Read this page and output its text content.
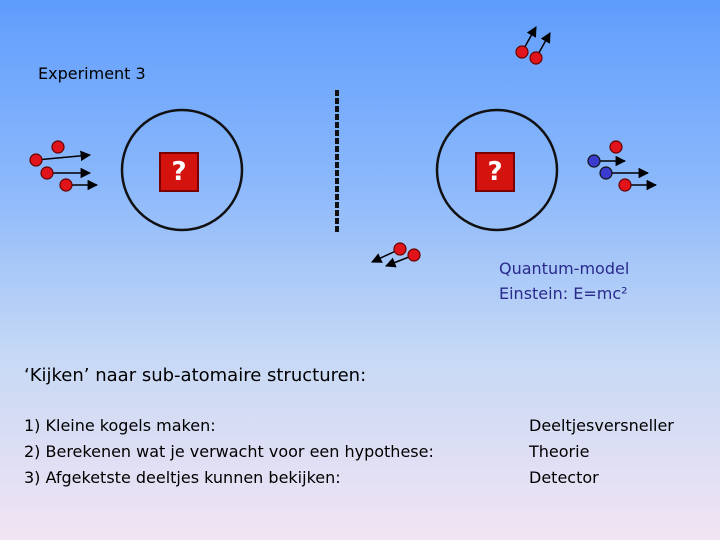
Experiment 3
?	?
Quantum-model
Einstein: E=mc²
‘Kijken’ naar sub-atomaire structuren:
1) Kleine kogels maken:
2) Berekenen wat je verwacht voor een hypothese:
3) Afgeketste deeltjes kunnen bekijken:
Deeltjesversneller
Theorie
Detector
